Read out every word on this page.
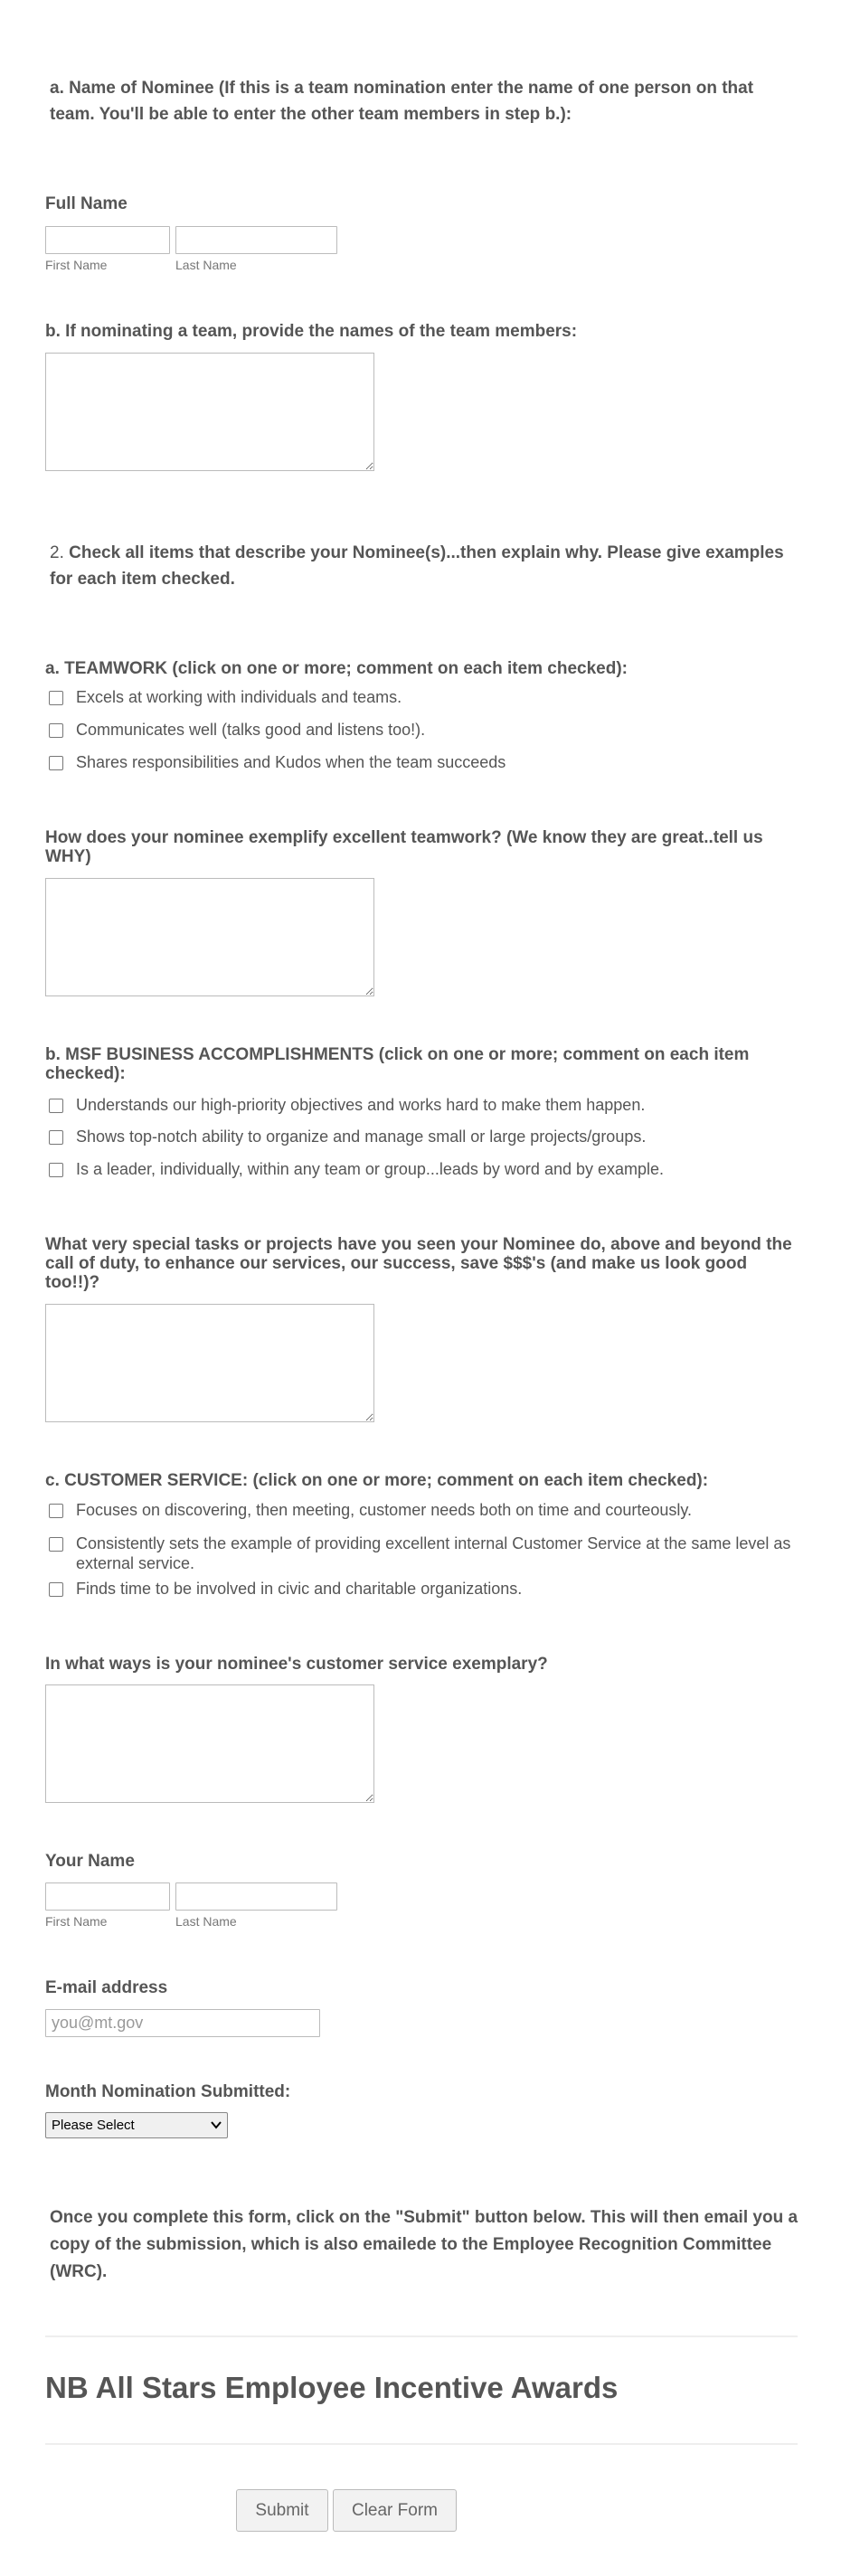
a. Name of Nominee (If this is a team nomination enter the name of one person on that team. You'll be able to enter the other team members in step b.):
Full Name
First Name	Last Name
b. If nominating a team, provide the names of the team members:
2. Check all items that describe your Nominee(s)...then explain why. Please give examples for each item checked.
a. TEAMWORK (click on one or more; comment on each item checked):
Excels at working with individuals and teams.
Communicates well (talks good and listens too!).
Shares responsibilities and Kudos when the team succeeds
How does your nominee exemplify excellent teamwork? (We know they are great..tell us WHY)
b. MSF BUSINESS ACCOMPLISHMENTS (click on one or more; comment on each item checked):
Understands our high-priority objectives and works hard to make them happen.
Shows top-notch ability to organize and manage small or large projects/groups.
Is a leader, individually, within any team or group...leads by word and by example.
What very special tasks or projects have you seen your Nominee do, above and beyond the call of duty, to enhance our services, our success, save $$$'s (and make us look good too!!)?
c. CUSTOMER SERVICE: (click on one or more; comment on each item checked):
Focuses on discovering, then meeting, customer needs both on time and courteously.
Consistently sets the example of providing excellent internal Customer Service at the same level as external service.
Finds time to be involved in civic and charitable organizations.
In what ways is your nominee's customer service exemplary?
Your Name
First Name	Last Name
E-mail address
you@mt.gov
Month Nomination Submitted:
Please Select
Once you complete this form, click on the "Submit" button below. This will then email you a copy of the submission, which is also emailede to the Employee Recognition Committee (WRC).
NB All Stars Employee Incentive Awards
Submit	Clear Form
